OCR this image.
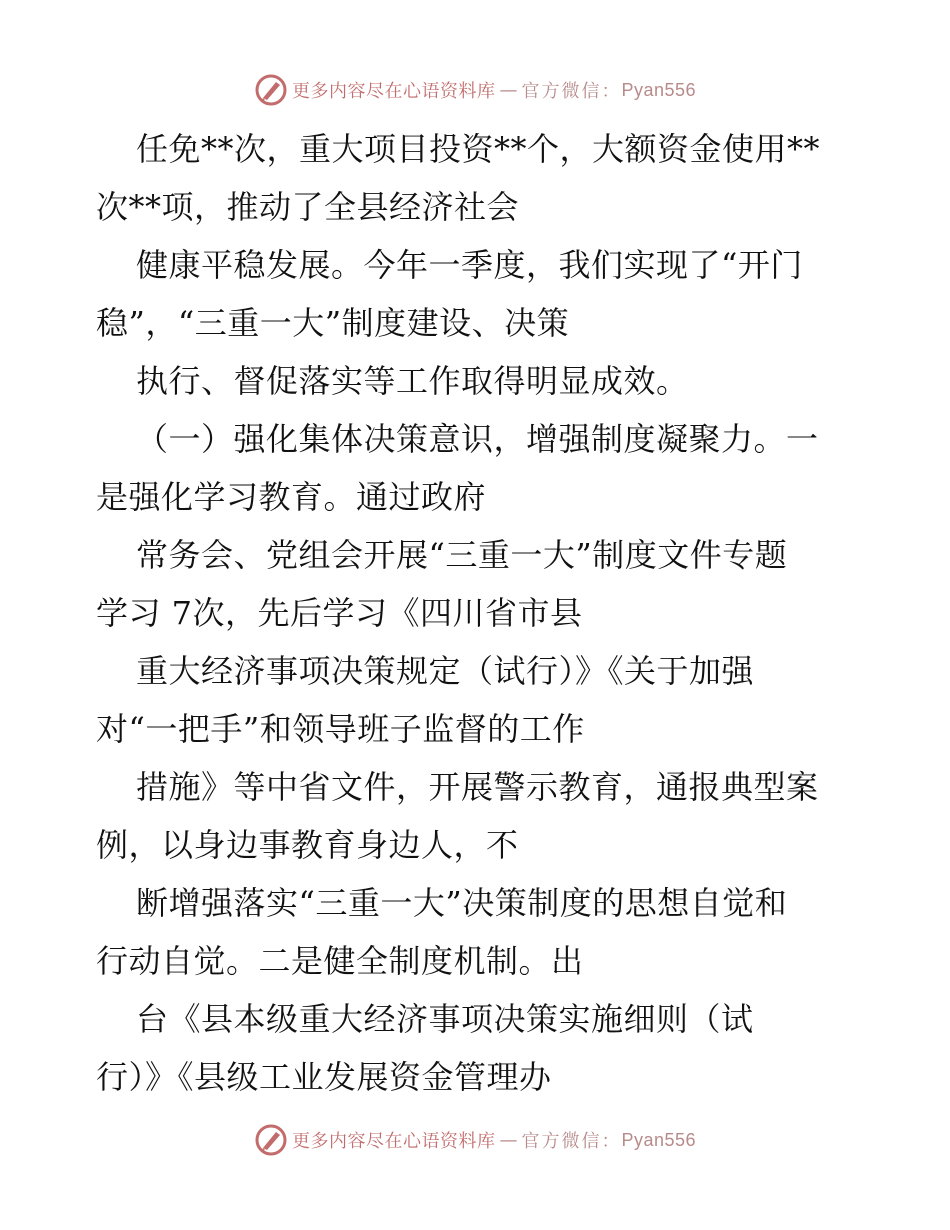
更多内容尽在心语资料库 — 官方微信： Pyan556
任免**次，重大项目投资**个，大额资金使用**
次**项，推动了全县经济社会
健康平稳发展。今年一季度，我们实现了“开门
稳”，“三重一大”制度建设、决策
执行、督促落实等工作取得明显成效。
（一）强化集体决策意识，增强制度凝聚力。一
是强化学习教育。通过政府
常务会、党组会开展“三重一大”制度文件专题
学习 7次，先后学习《四川省市县
重大经济事项决策规定（试行）》《关于加强
对“一把手”和领导班子监督的工作
措施》等中省文件，开展警示教育，通报典型案
例，以身边事教育身边人，不
断增强落实“三重一大”决策制度的思想自觉和
行动自觉。二是健全制度机制。出
台《县本级重大经济事项决策实施细则（试
行）》《县级工业发展资金管理办
更多内容尽在心语资料库 — 官方微信： Pyan556
